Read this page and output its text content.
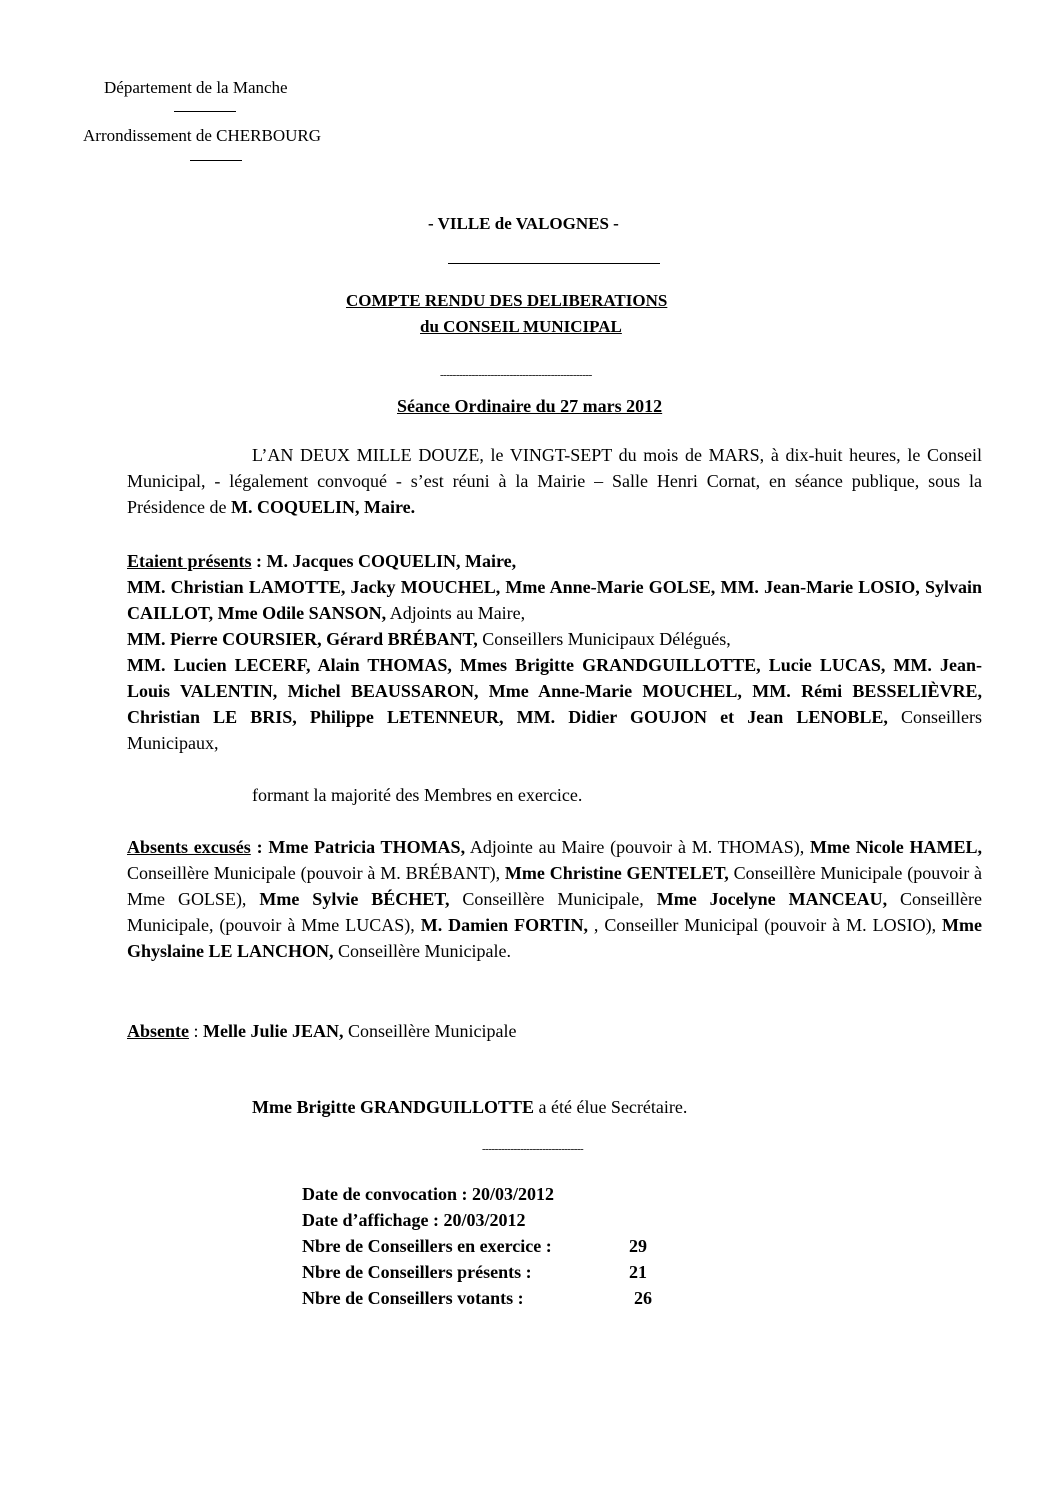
Département de la Manche
Arrondissement de CHERBOURG
- VILLE de VALOGNES -
COMPTE RENDU DES DELIBERATIONS
du CONSEIL MUNICIPAL
------------------------------------------------
Séance Ordinaire du 27 mars 2012
L’AN DEUX MILLE DOUZE, le VINGT-SEPT du mois de MARS, à dix-huit heures, le Conseil Municipal, - légalement convoqué - s’est réuni à la Mairie – Salle Henri Cornat, en séance publique, sous la Présidence de M. COQUELIN, Maire.
Etaient présents : M. Jacques COQUELIN, Maire,
MM. Christian LAMOTTE, Jacky MOUCHEL, Mme Anne-Marie GOLSE, MM. Jean-Marie LOSIO, Sylvain CAILLOT, Mme Odile SANSON, Adjoints au Maire,
MM. Pierre COURSIER, Gérard BRÉBANT, Conseillers Municipaux Délégués,
MM. Lucien LECERF, Alain THOMAS, Mmes Brigitte GRANDGUILLOTTE, Lucie LUCAS, MM. Jean-Louis VALENTIN, Michel BEAUSSARON, Mme Anne-Marie MOUCHEL, MM. Rémi BESSELIÈVRE, Christian LE BRIS, Philippe LETENNEUR, MM. Didier GOUJON et Jean LENOBLE, Conseillers Municipaux,
formant la majorité des Membres en exercice.
Absents excusés : Mme Patricia THOMAS, Adjointe au Maire (pouvoir à M. THOMAS), Mme Nicole HAMEL, Conseillère Municipale (pouvoir à M. BRÉBANT), Mme Christine GENTELET, Conseillère Municipale (pouvoir à Mme GOLSE), Mme Sylvie BÉCHET, Conseillère Municipale, Mme Jocelyne MANCEAU, Conseillère Municipale, (pouvoir à Mme LUCAS), M. Damien FORTIN, , Conseiller Municipal (pouvoir à M. LOSIO), Mme Ghyslaine LE LANCHON, Conseillère Municipale.
Absente : Melle Julie JEAN, Conseillère Municipale
Mme Brigitte GRANDGUILLOTTE a été élue Secrétaire.
--------------------------------
Date de convocation : 20/03/2012
Date d’affichage : 20/03/2012
Nbre de Conseillers en exercice :	29
Nbre de Conseillers présents :	21
Nbre de Conseillers votants :	26
